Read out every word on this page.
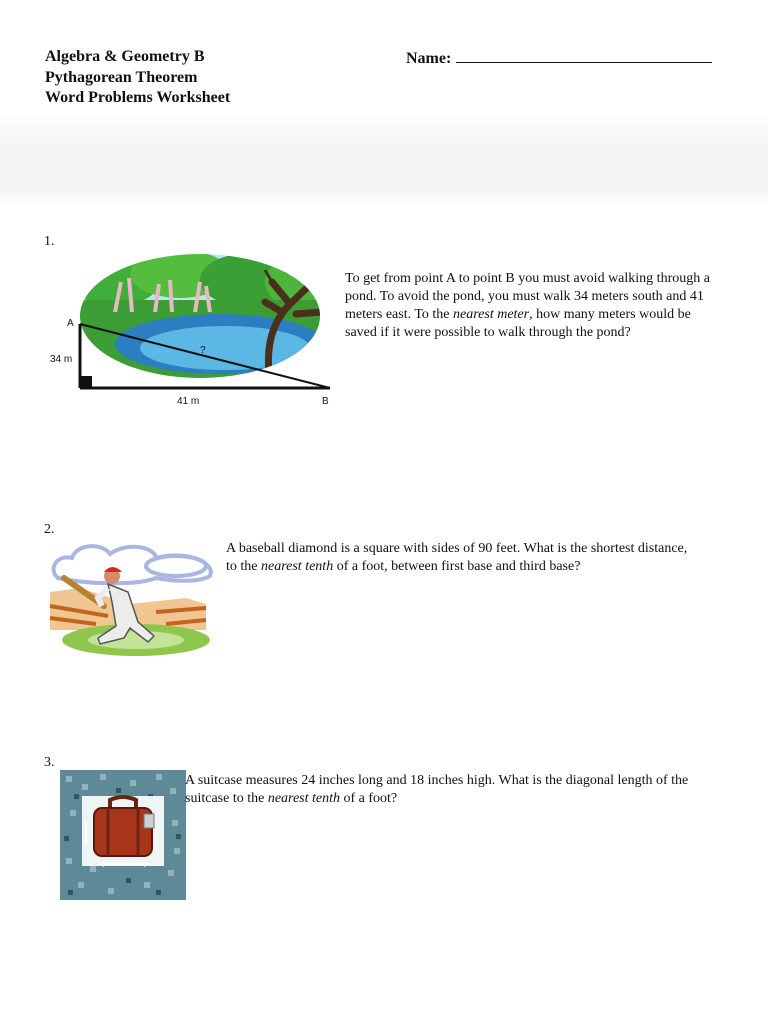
Algebra & Geometry B
Pythagorean Theorem
Word Problems Worksheet
Name:
1.
A
B
34 m
41 m
?

To get from point A to point B you must avoid walking through a pond. To avoid the pond, you must walk 34 meters south and 41 meters east. To the nearest meter, how many meters would be saved if it were possible to walk through the pond?

2.

A baseball diamond is a square with sides of 90 feet. What is the shortest distance, to the nearest tenth of a foot, between first base and third base?

3.

A suitcase measures 24 inches long and 18 inches high. What is the diagonal length of the suitcase to the nearest tenth of a foot?
